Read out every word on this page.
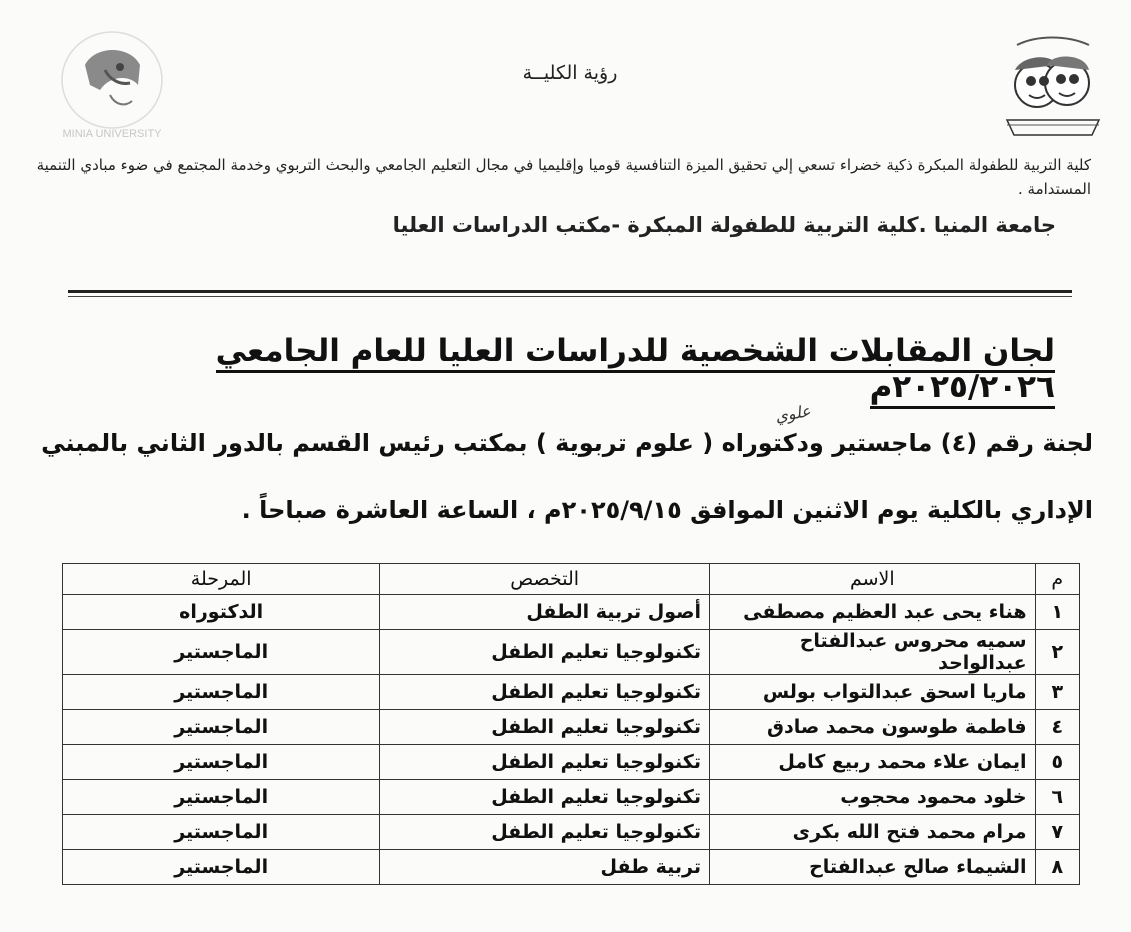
MINIA UNIVERSITY
رؤية الكليــة
كلية التربية للطفولة المبكرة ذكية خضراء تسعي إلي تحقيق الميزة التنافسية قوميا وإقليميا في مجال التعليم الجامعي والبحث التربوي وخدمة المجتمع في ضوء مبادي التنمية المستدامة .
جامعة المنيا .كلية التربية للطفولة المبكرة -مكتب الدراسات العليا
لجان المقابلات الشخصية للدراسات العليا للعام الجامعي ٢٠٢٥/٢٠٢٦م
علوي
لجنة رقم (٤) ماجستير ودكتوراه ( علوم تربوية ) بمكتب رئيس القسم بالدور الثاني بالمبني
الإداري بالكلية يوم الاثنين الموافق ٢٠٢٥/٩/١٥م ، الساعة العاشرة صباحاً .
م	الاسم	التخصص	المرحلة
١	هناء يحى عبد العظيم مصطفى	أصول تربية الطفل	الدكتوراه
٢	سميه محروس عبدالفتاح عبدالواحد	تكنولوجيا تعليم الطفل	الماجستير
٣	ماريا اسحق عبدالتواب بولس	تكنولوجيا تعليم الطفل	الماجستير
٤	فاطمة طوسون محمد صادق	تكنولوجيا تعليم الطفل	الماجستير
٥	ايمان علاء محمد ربيع كامل	تكنولوجيا تعليم الطفل	الماجستير
٦	خلود محمود محجوب	تكنولوجيا تعليم الطفل	الماجستير
٧	مرام محمد فتح الله بكرى	تكنولوجيا تعليم الطفل	الماجستير
٨	الشيماء صالح عبدالفتاح	تربية طفل	الماجستير
